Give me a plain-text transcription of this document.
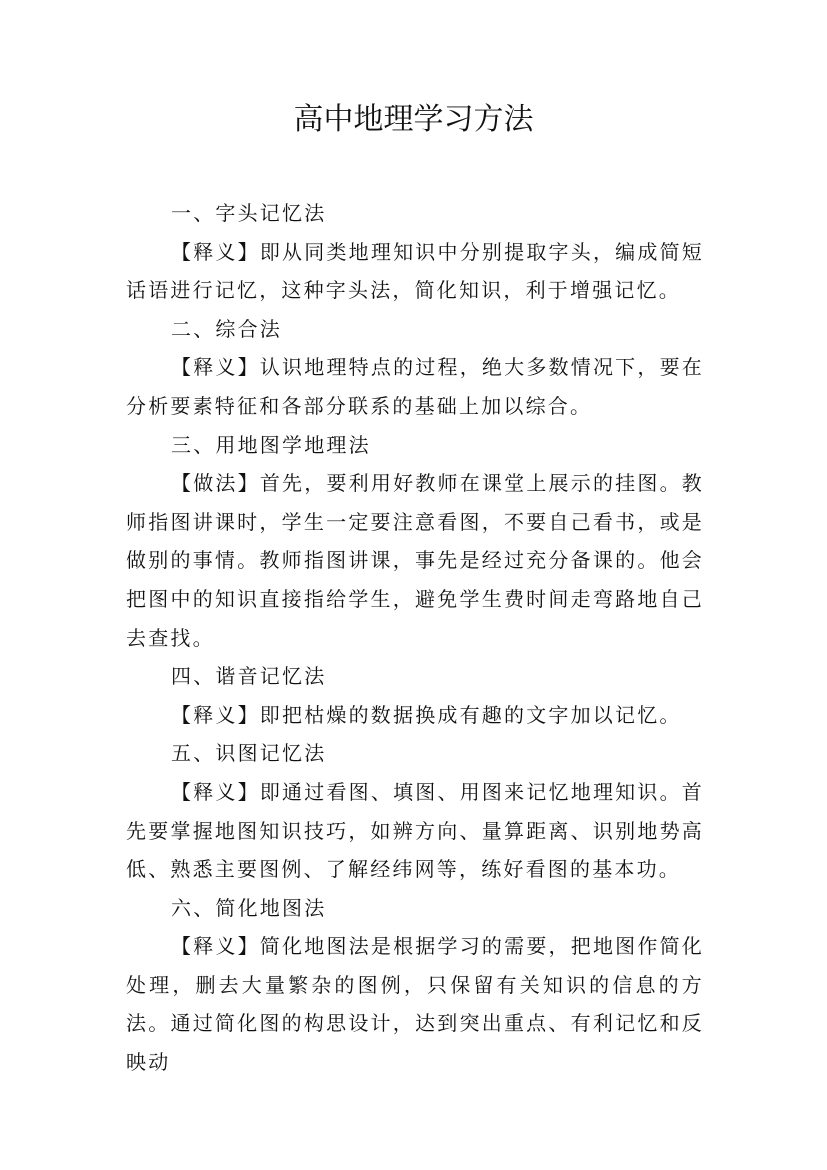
高中地理学习方法

一、字头记忆法

【释义】即从同类地理知识中分别提取字头，编成简短话语进行记忆，这种字头法，简化知识，利于增强记忆。

二、综合法

【释义】认识地理特点的过程，绝大多数情况下，要在分析要素特征和各部分联系的基础上加以综合。

三、用地图学地理法

【做法】首先，要利用好教师在课堂上展示的挂图。教师指图讲课时，学生一定要注意看图，不要自己看书，或是做别的事情。教师指图讲课，事先是经过充分备课的。他会把图中的知识直接指给学生，避免学生费时间走弯路地自己去查找。

四、谐音记忆法

【释义】即把枯燥的数据换成有趣的文字加以记忆。

五、识图记忆法

【释义】即通过看图、填图、用图来记忆地理知识。首先要掌握地图知识技巧，如辨方向、量算距离、识别地势高低、熟悉主要图例、了解经纬网等，练好看图的基本功。

六、简化地图法

【释义】简化地图法是根据学习的需要，把地图作简化处理，删去大量繁杂的图例，只保留有关知识的信息的方法。通过简化图的构思设计，达到突出重点、有利记忆和反映动
